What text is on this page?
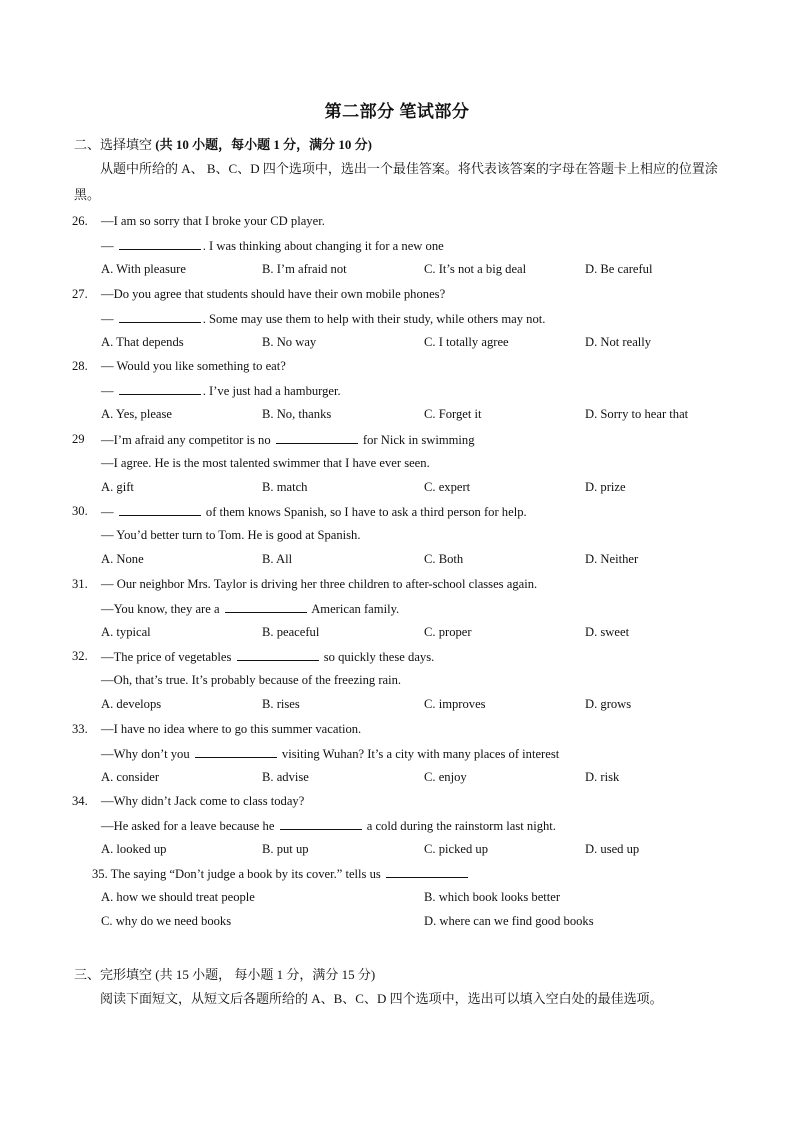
第二部分 笔试部分
二、选择填空 (共 10 小题，每小题 1 分，满分 10 分)
从题中所给的 A、 B、C、D 四个选项中，选出一个最佳答案。将代表该答案的字母在答题卡上相应的位置涂黑。
26. —I am so sorry that I broke your CD player.
—	. I was thinking about changing it for a new one
A. With pleasure	B. I’m afraid not	C. It’s not a big deal	D. Be careful
27. —Do you agree that students should have their own mobile phones?
—	. Some may use them to help with their study, while others may not.
A. That depends	B. No way	C. I totally agree	D. Not really
28. — Would you like something to eat?
—	. I’ve just had a hamburger.
A. Yes, please	B. No, thanks	C. Forget it	D. Sorry to hear that
29 —I’m afraid any competitor is no	for Nick in swimming
—I agree. He is the most talented swimmer that I have ever seen.
A. gift	B. match	C. expert	D. prize
30. —	of them knows Spanish, so I have to ask a third person for help.
— You’d better turn to Tom. He is good at Spanish.
A. None	B. All	C. Both	D. Neither
31. — Our neighbor Mrs. Taylor is driving her three children to after-school classes again.
—You know, they are a	American family.
A. typical	B. peaceful	C. proper	D. sweet
32. —The price of vegetables	so quickly these days.
—Oh, that’s true. It’s probably because of the freezing rain.
A. develops	B. rises	C. improves	D. grows
33. —I have no idea where to go this summer vacation.
—Why don’t you	visiting Wuhan? It’s a city with many places of interest
A. consider	B. advise	C. enjoy	D. risk
34. —Why didn’t Jack come to class today?
—He asked for a leave because he	a cold during the rainstorm last night.
A. looked up	B. put up	C. picked up	D. used up
35. The saying “Don’t judge a book by its cover.” tells us
A. how we should treat people	B. which book looks better
C. why do we need books	D. where can we find good books
三、完形填空 (共 15 小题， 每小题 1 分，满分 15 分)
阅读下面短文，从短文后各题所给的 A、B、C、D 四个选项中，选出可以填入空白处的最佳选项。
